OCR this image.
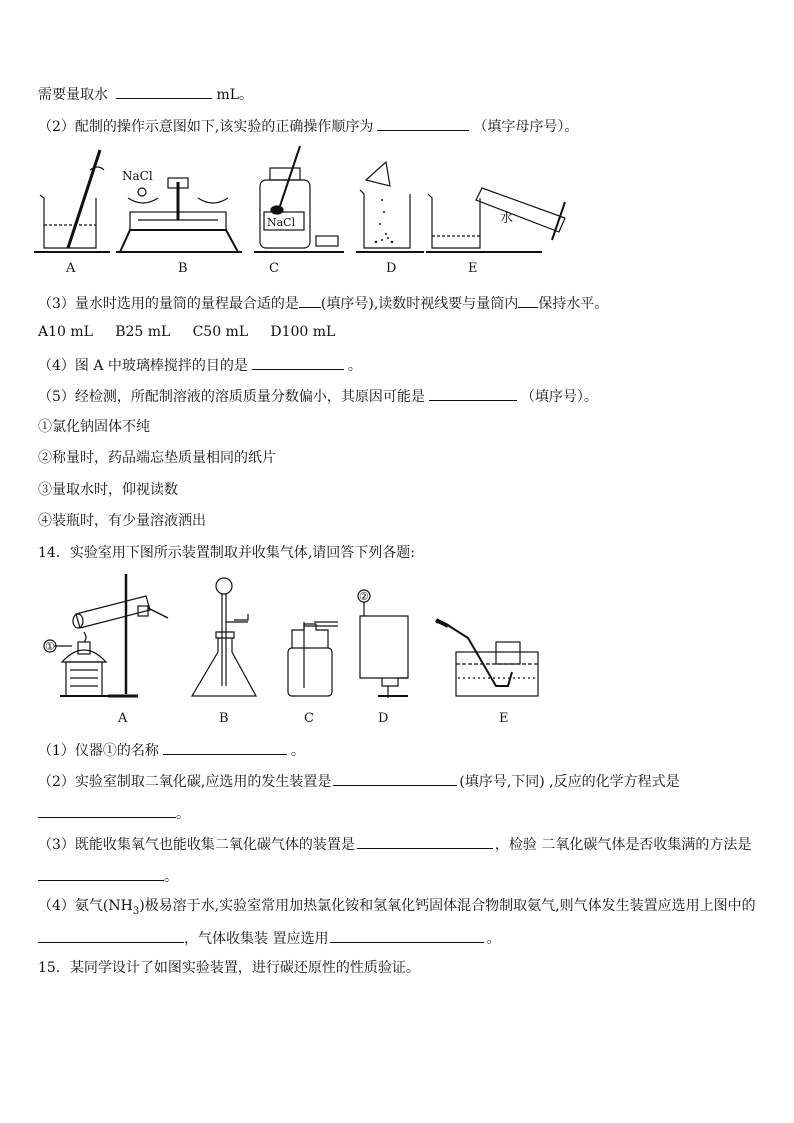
需要量取水	mL。
（2）配制的操作示意图如下,该实验的正确操作顺序为	（填字母序号）。
NaCl
NaCl	水
A	B	C	D	E
（3）量水时选用的量筒的量程最合适的是 (填序号),读数时视线要与量筒内 保持水平。
A10 mL     B25 mL     C50 mL     D100 mL
（4）图 A 中玻璃棒搅拌的目的是	。
（5）经检测，所配制溶液的溶质质量分数偏小，其原因可能是	（填序号）。
①氯化钠固体不纯
②称量时，药品端忘垫质量相同的纸片
③量取水时，仰视读数
④装瓶时，有少量溶液洒出
14．实验室用下图所示装置制取并收集气体,请回答下列各题:
①
②
A	B	C	D	E
（1）仪器①的名称	。
（2）实验室制取二氧化碳,应选用的发生装置是	(填序号,下同) ,反应的化学方程式是
。
（3）既能收集氧气也能收集二氧化碳气体的装置是	，检验 二氧化碳气体是否收集满的方法是
。
（4）氨气$(NH_3)$极易溶于水,实验室常用加热氯化铵和氢氧化钙固体混合物制取氨气,则气体发生装置应选用上图中的
，气体收集装 置应选用	。
15．某同学设计了如图实验装置，进行碳还原性的性质验证。
